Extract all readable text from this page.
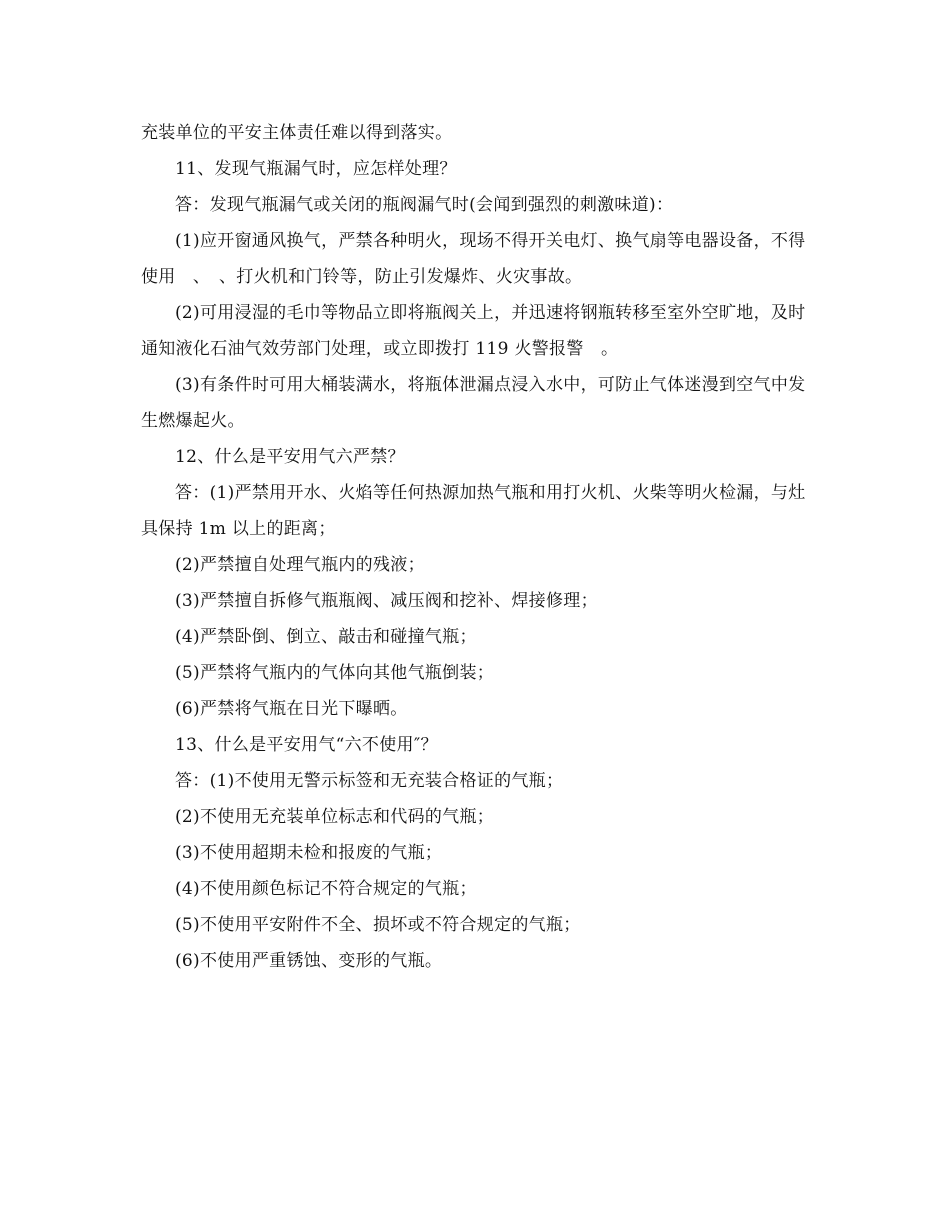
充装单位的平安主体责任难以得到落实。

11、发现气瓶漏气时，应怎样处理？

答：发现气瓶漏气或关闭的瓶阀漏气时(会闻到强烈的刺激味道)：

(1)应开窗通风换气，严禁各种明火，现场不得开关电灯、换气扇等电器设备，不得使用　、　、打火机和门铃等，防止引发爆炸、火灾事故。

(2)可用浸湿的毛巾等物品立即将瓶阀关上，并迅速将钢瓶转移至室外空旷地，及时通知液化石油气效劳部门处理，或立即拨打 119 火警报警　。

(3)有条件时可用大桶装满水，将瓶体泄漏点浸入水中，可防止气体迷漫到空气中发生燃爆起火。

12、什么是平安用气六严禁？

答：(1)严禁用开水、火焰等任何热源加热气瓶和用打火机、火柴等明火检漏，与灶具保持 1m 以上的距离；

(2)严禁擅自处理气瓶内的残液；

(3)严禁擅自拆修气瓶瓶阀、减压阀和挖补、焊接修理；

(4)严禁卧倒、倒立、敲击和碰撞气瓶；

(5)严禁将气瓶内的气体向其他气瓶倒装；

(6)严禁将气瓶在日光下曝晒。

13、什么是平安用气“六不使用″？

答：(1)不使用无警示标签和无充装合格证的气瓶；

(2)不使用无充装单位标志和代码的气瓶；

(3)不使用超期未检和报废的气瓶；

(4)不使用颜色标记不符合规定的气瓶；

(5)不使用平安附件不全、损坏或不符合规定的气瓶；

(6)不使用严重锈蚀、变形的气瓶。
